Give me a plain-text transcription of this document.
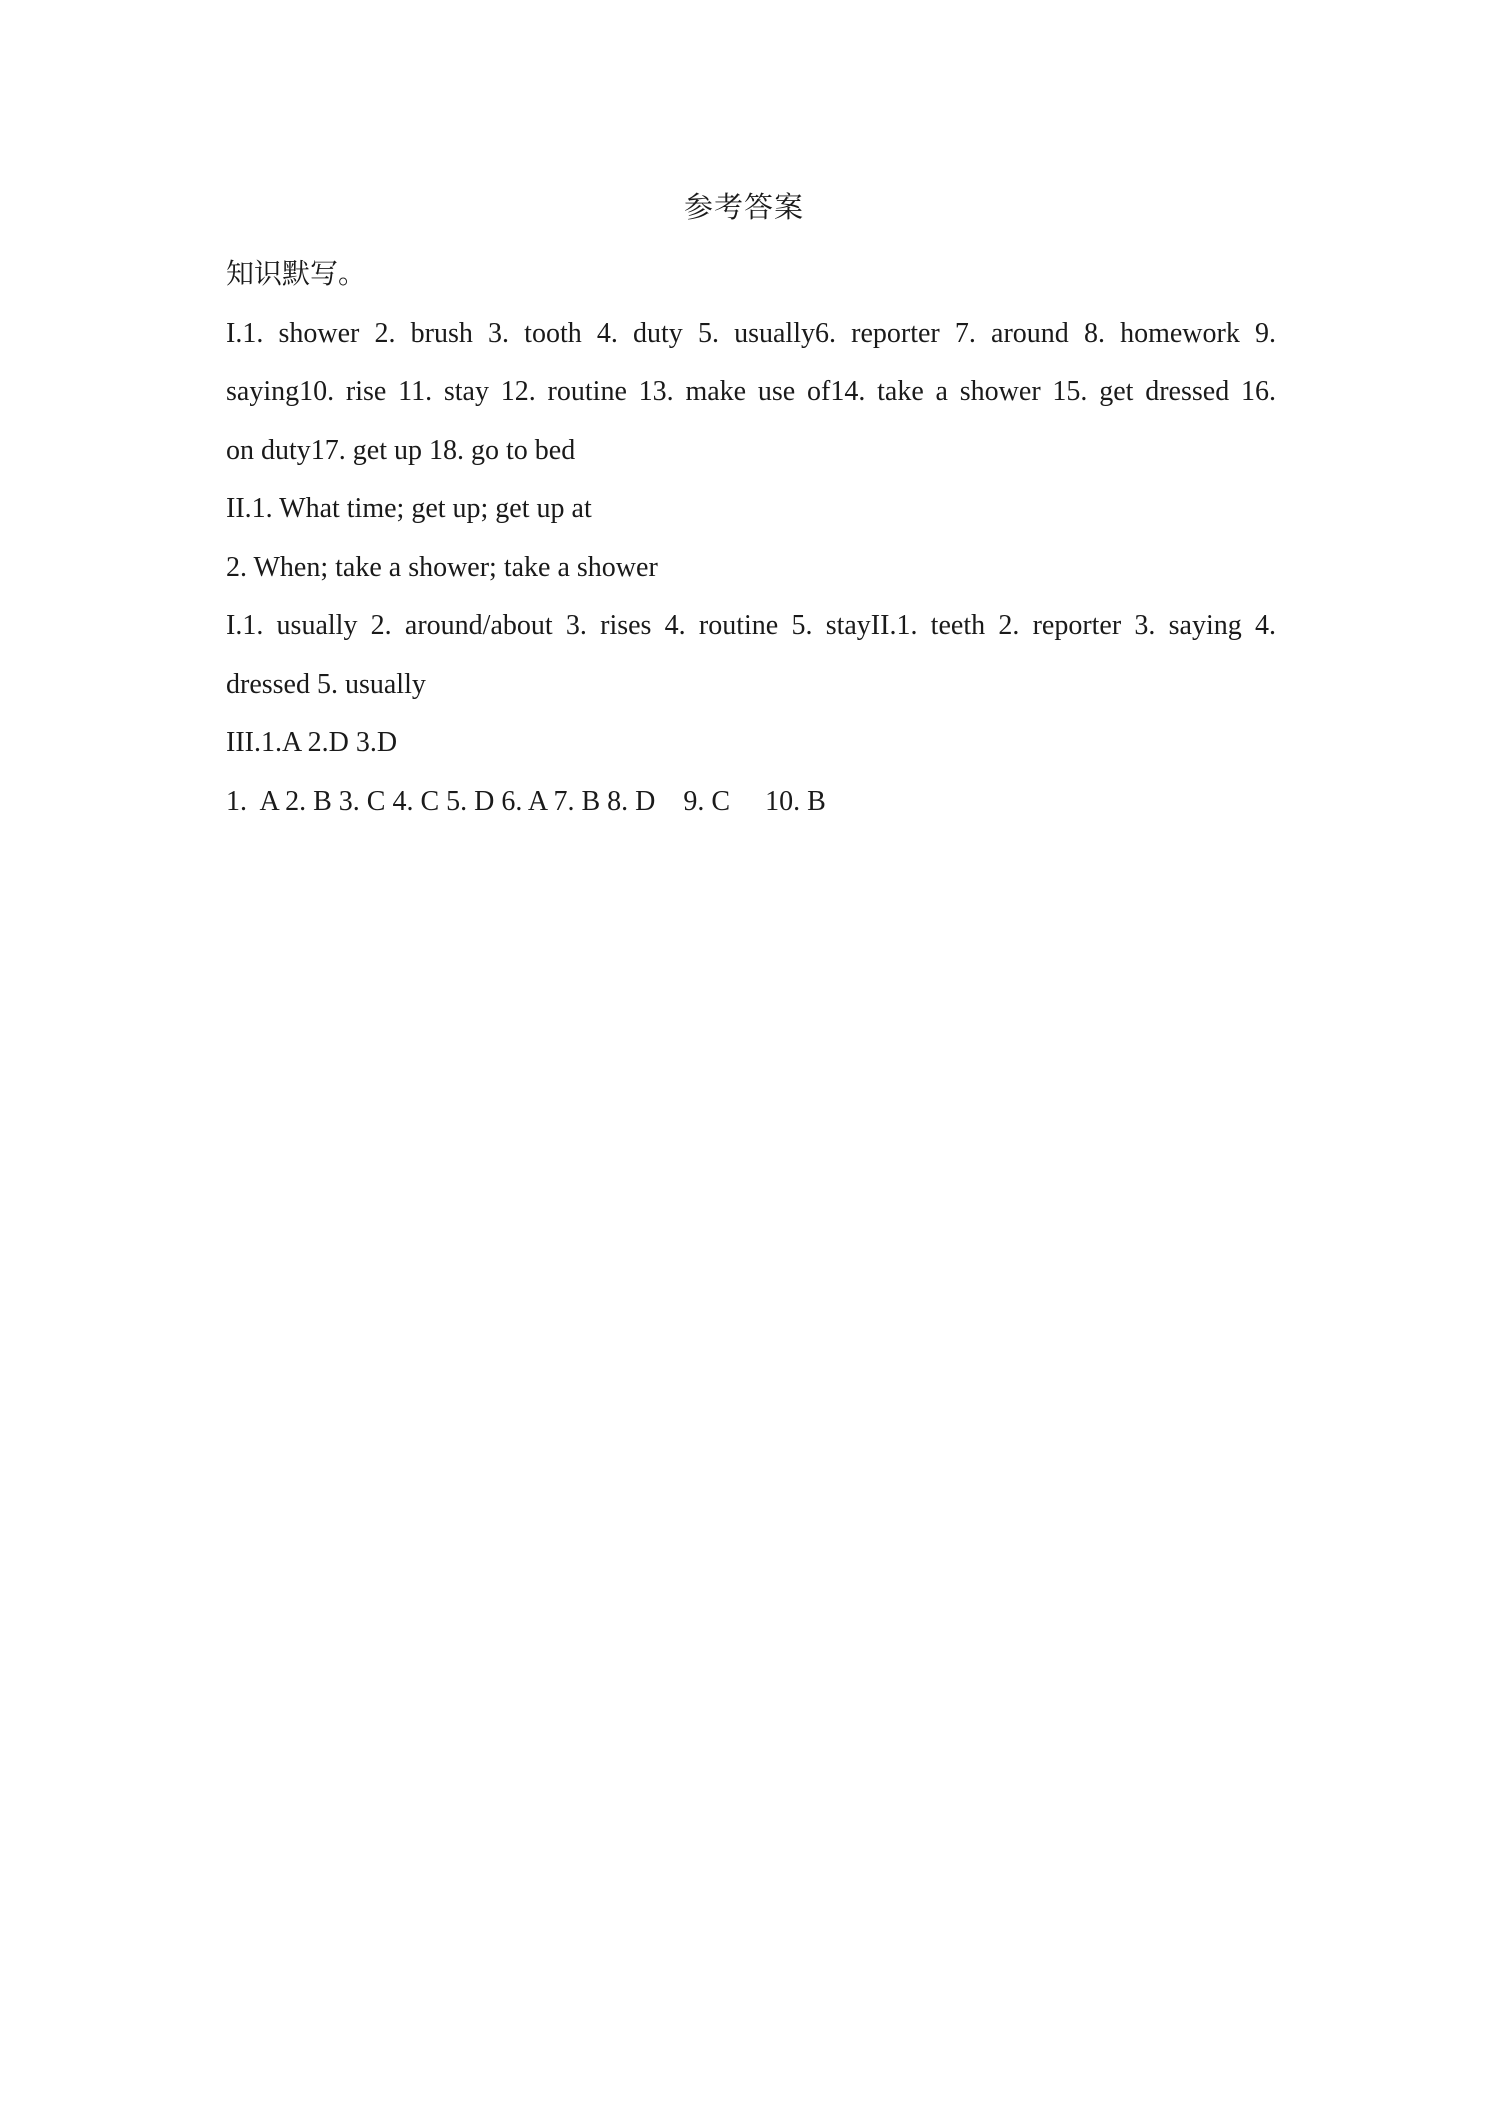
参考答案

知识默写。

I.1. shower 2. brush 3. tooth 4. duty 5. usually6. reporter 7. around 8. homework 9.

saying10. rise 11. stay 12. routine 13. make use of14. take a shower 15. get dressed 16.

on duty17. get up 18. go to bed

II.1. What time; get up; get up at

2. When; take a shower; take a shower

I.1. usually 2. around/about 3. rises 4. routine 5. stayII.1. teeth 2. reporter 3. saying 4.

dressed 5. usually

III.1.A 2.D 3.D

1.  A 2. B 3. C 4. C 5. D 6. A 7. B 8. D    9. C     10. B
